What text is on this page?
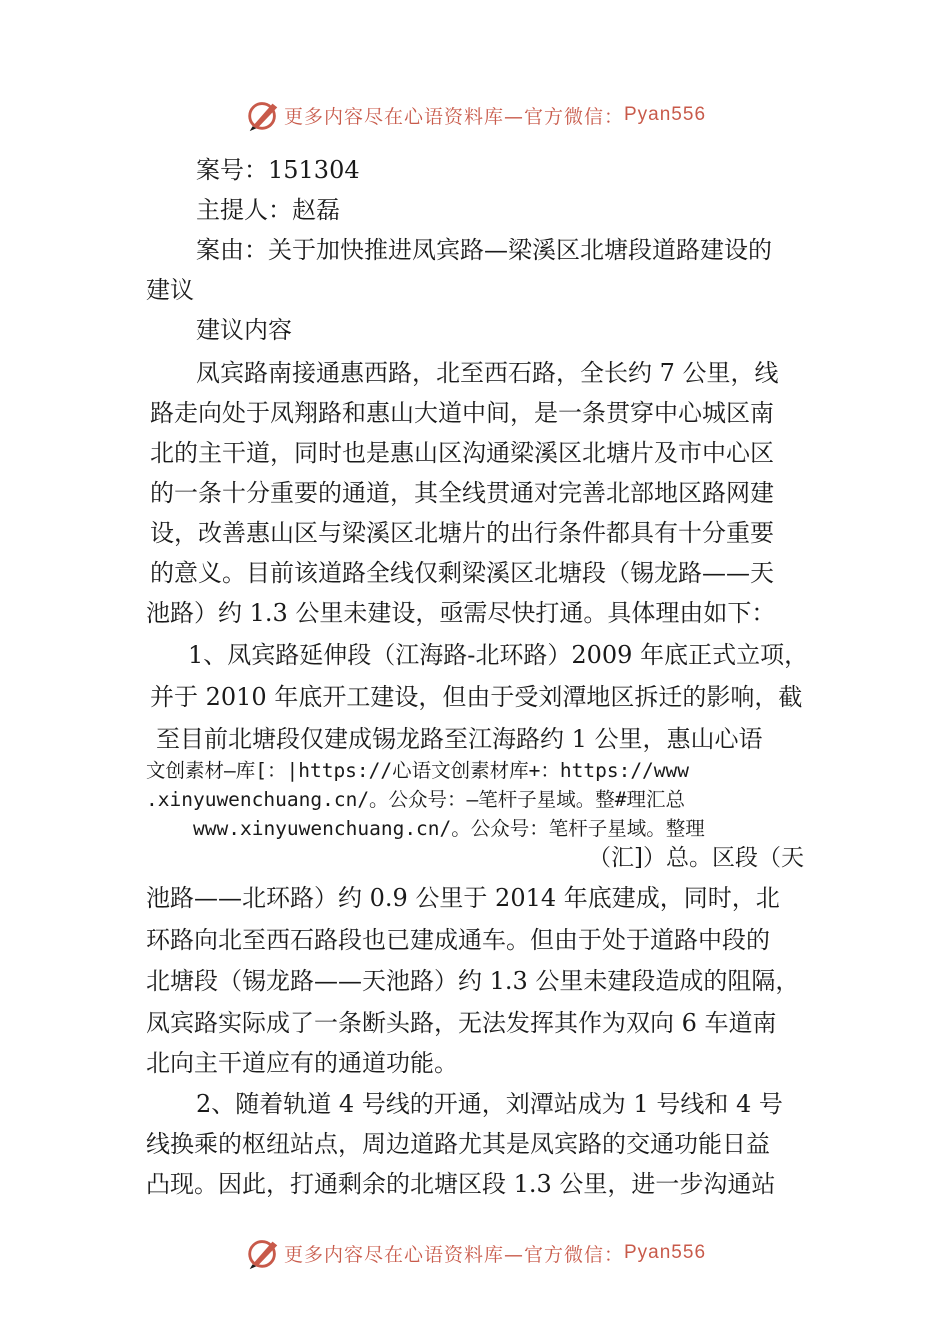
更多内容尽在心语资料库—官方微信： Pyan556
案号：151304
主提人：赵磊
案由：关于加快推进凤宾路—梁溪区北塘段道路建设的
建议
建议内容
凤宾路南接通惠西路，北至西石路，全长约 7 公里，线
路走向处于凤翔路和惠山大道中间，是一条贯穿中心城区南
北的主干道，同时也是惠山区沟通梁溪区北塘片及市中心区
的一条十分重要的通道，其全线贯通对完善北部地区路网建
设，改善惠山区与梁溪区北塘片的出行条件都具有十分重要
的意义。目前该道路全线仅剩梁溪区北塘段（锡龙路——天
池路）约 1.3 公里未建设，亟需尽快打通。具体理由如下：
1、凤宾路延伸段（江海路-北环路）2009 年底正式立项，
并于 2010 年底开工建设，但由于受刘潭地区拆迁的影响，截
至目前北塘段仅建成锡龙路至江海路约 1 公里，惠山心语
文创素材—库[：|https://心语文创素材库+：https://www
.xinyuwenchuang.cn/。公众号：—笔杆子星域。整#理汇总
www.xinyuwenchuang.cn/。公众号：笔杆子星域。整理
（汇]）总。区段（天
池路——北环路）约 0.9 公里于 2014 年底建成，同时，北
环路向北至西石路段也已建成通车。但由于处于道路中段的
北塘段（锡龙路——天池路）约 1.3 公里未建段造成的阻隔，
凤宾路实际成了一条断头路，无法发挥其作为双向 6 车道南
北向主干道应有的通道功能。
2、随着轨道 4 号线的开通，刘潭站成为 1 号线和 4 号
线换乘的枢纽站点，周边道路尤其是凤宾路的交通功能日益
凸现。因此，打通剩余的北塘区段 1.3 公里，进一步沟通站
更多内容尽在心语资料库—官方微信： Pyan556
